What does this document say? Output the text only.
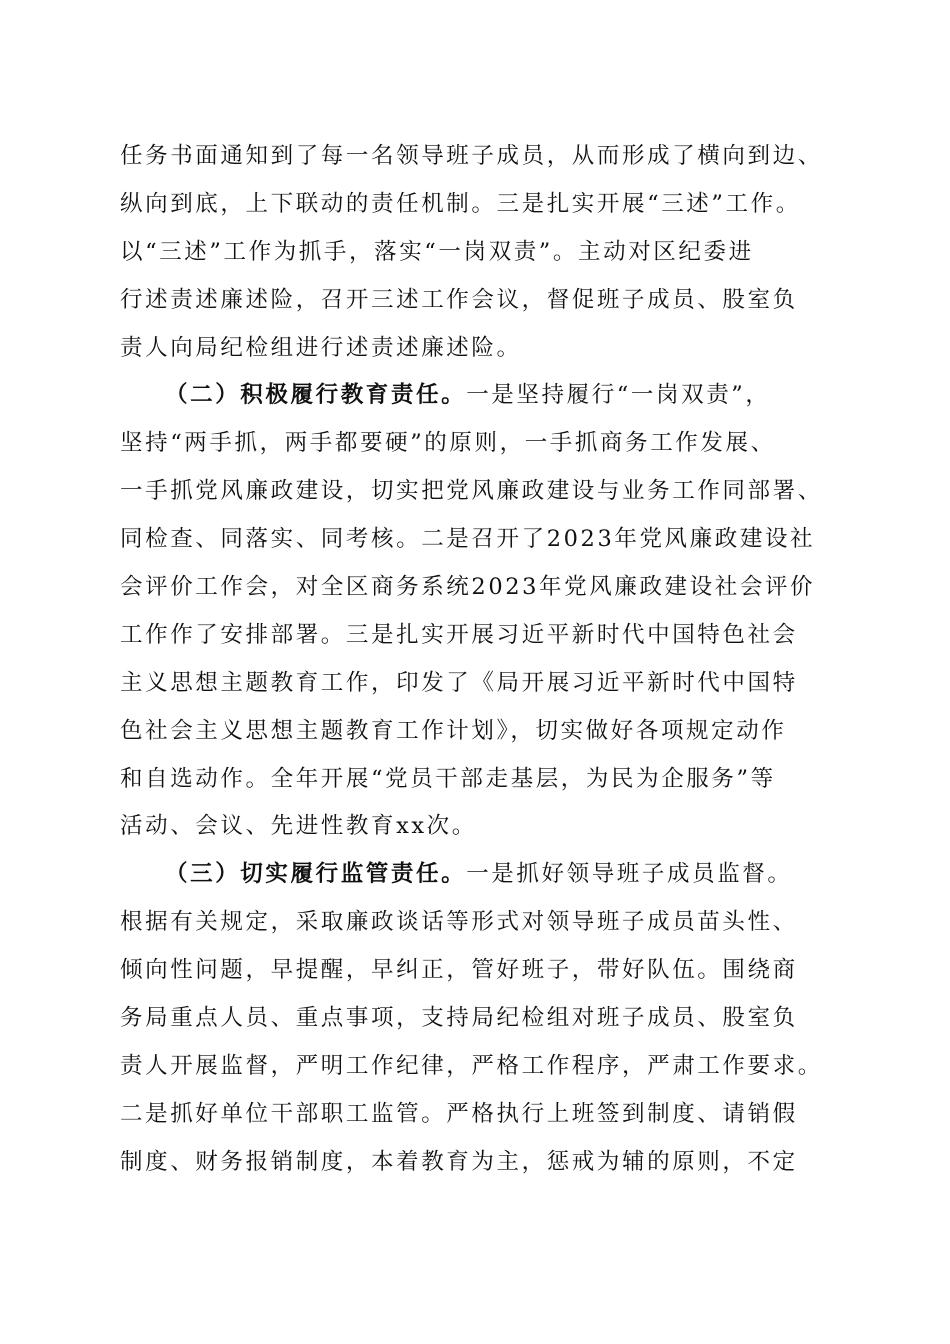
任务书面通知到了每一名领导班子成员，从而形成了横向到边、
纵向到底，上下联动的责任机制。三是扎实开展“三述”工作。
以“三述”工作为抓手，落实“一岗双责”。主动对区纪委进
行述责述廉述险，召开三述工作会议，督促班子成员、股室负
责人向局纪检组进行述责述廉述险。
（二）积极履行教育责任。一是坚持履行“一岗双责”，
坚持“两手抓，两手都要硬”的原则，一手抓商务工作发展、
一手抓党风廉政建设，切实把党风廉政建设与业务工作同部署、
同检查、同落实、同考核。二是召开了2023年党风廉政建设社
会评价工作会，对全区商务系统2023年党风廉政建设社会评价
工作作了安排部署。三是扎实开展习近平新时代中国特色社会
主义思想主题教育工作，印发了《局开展习近平新时代中国特
色社会主义思想主题教育工作计划》，切实做好各项规定动作
和自选动作。全年开展“党员干部走基层，为民为企服务”等
活动、会议、先进性教育xx次。
（三）切实履行监管责任。一是抓好领导班子成员监督。
根据有关规定，采取廉政谈话等形式对领导班子成员苗头性、
倾向性问题，早提醒，早纠正，管好班子，带好队伍。围绕商
务局重点人员、重点事项，支持局纪检组对班子成员、股室负
责人开展监督，严明工作纪律，严格工作程序，严肃工作要求。
二是抓好单位干部职工监管。严格执行上班签到制度、请销假
制度、财务报销制度，本着教育为主，惩戒为辅的原则，不定
